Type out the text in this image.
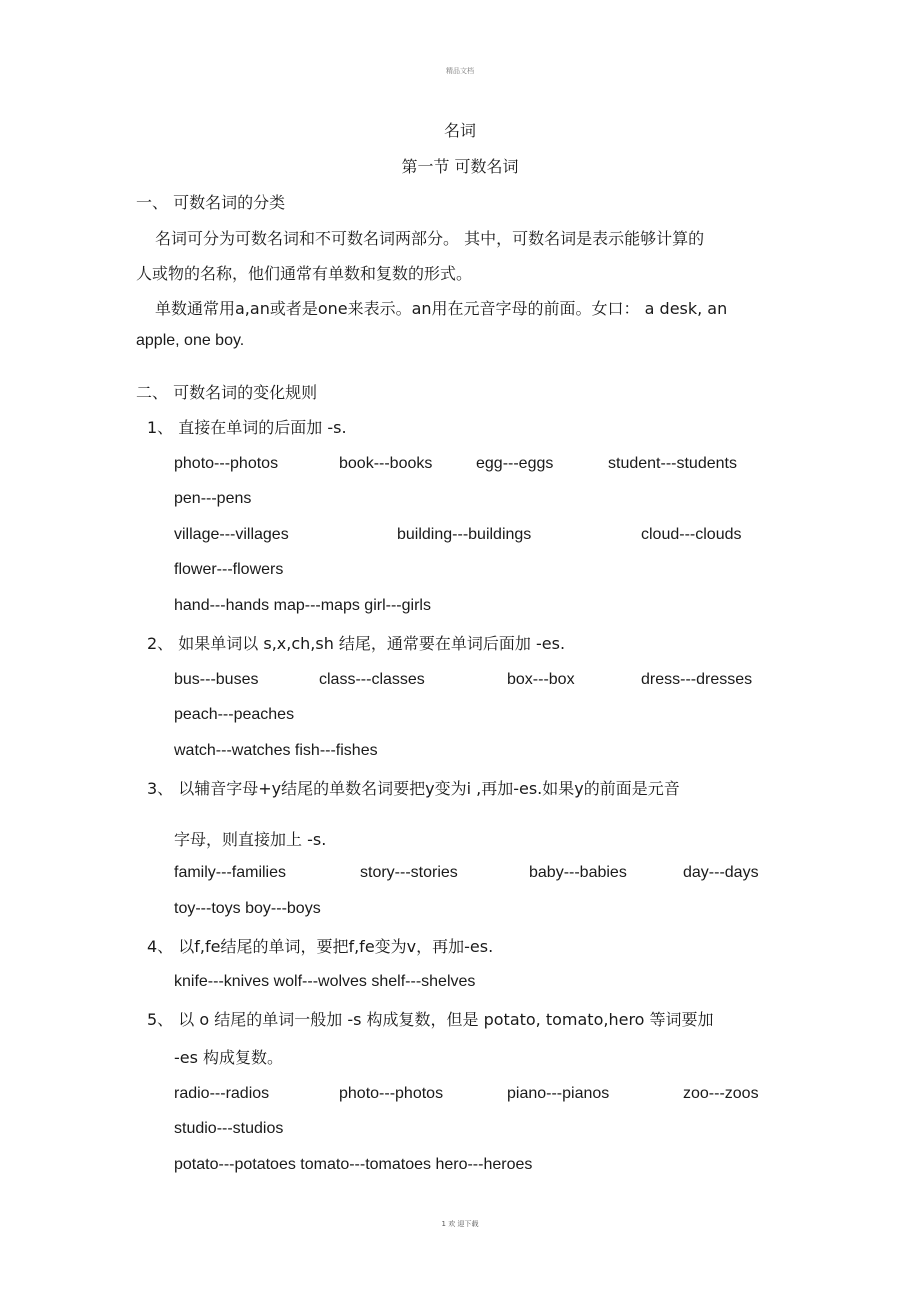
精品文档
名词
第一节 可数名词
一、 可数名词的分类
名词可分为可数名词和不可数名词两部分。 其中，可数名词是表示能够计算的
人或物的名称，他们通常有单数和复数的形式。
单数通常用a,an或者是one来表示。an用在元音字母的前面。女口： a desk, an
apple, one boy.
二、 可数名词的变化规则
1、 直接在单词的后面加 -s.
photo---photos	book---books	egg---eggs	student---students
pen---pens
village---villages	building---buildings	cloud---clouds
flower---flowers
hand---hands map---maps girl---girls
2、 如果单词以 s,x,ch,sh 结尾，通常要在单词后面加 -es.
bus---buses	class---classes	box---box	dress---dresses
peach---peaches
watch---watches fish---fishes
3、 以辅音字母+y结尾的单数名词要把y变为i ,再加-es.如果y的前面是元音
字母，则直接加上 -s.
family---families	story---stories	baby---babies	day---days
toy---toys boy---boys
4、 以f,fe结尾的单词，要把f,fe变为v，再加-es.
knife---knives wolf---wolves shelf---shelves
5、 以 o 结尾的单词一般加 -s 构成复数，但是 potato, tomato,hero 等词要加
-es 构成复数。
radio---radios	photo---photos	piano---pianos	zoo---zoos
studio---studios
potato---potatoes tomato---tomatoes hero---heroes
1 欢 迎下载
